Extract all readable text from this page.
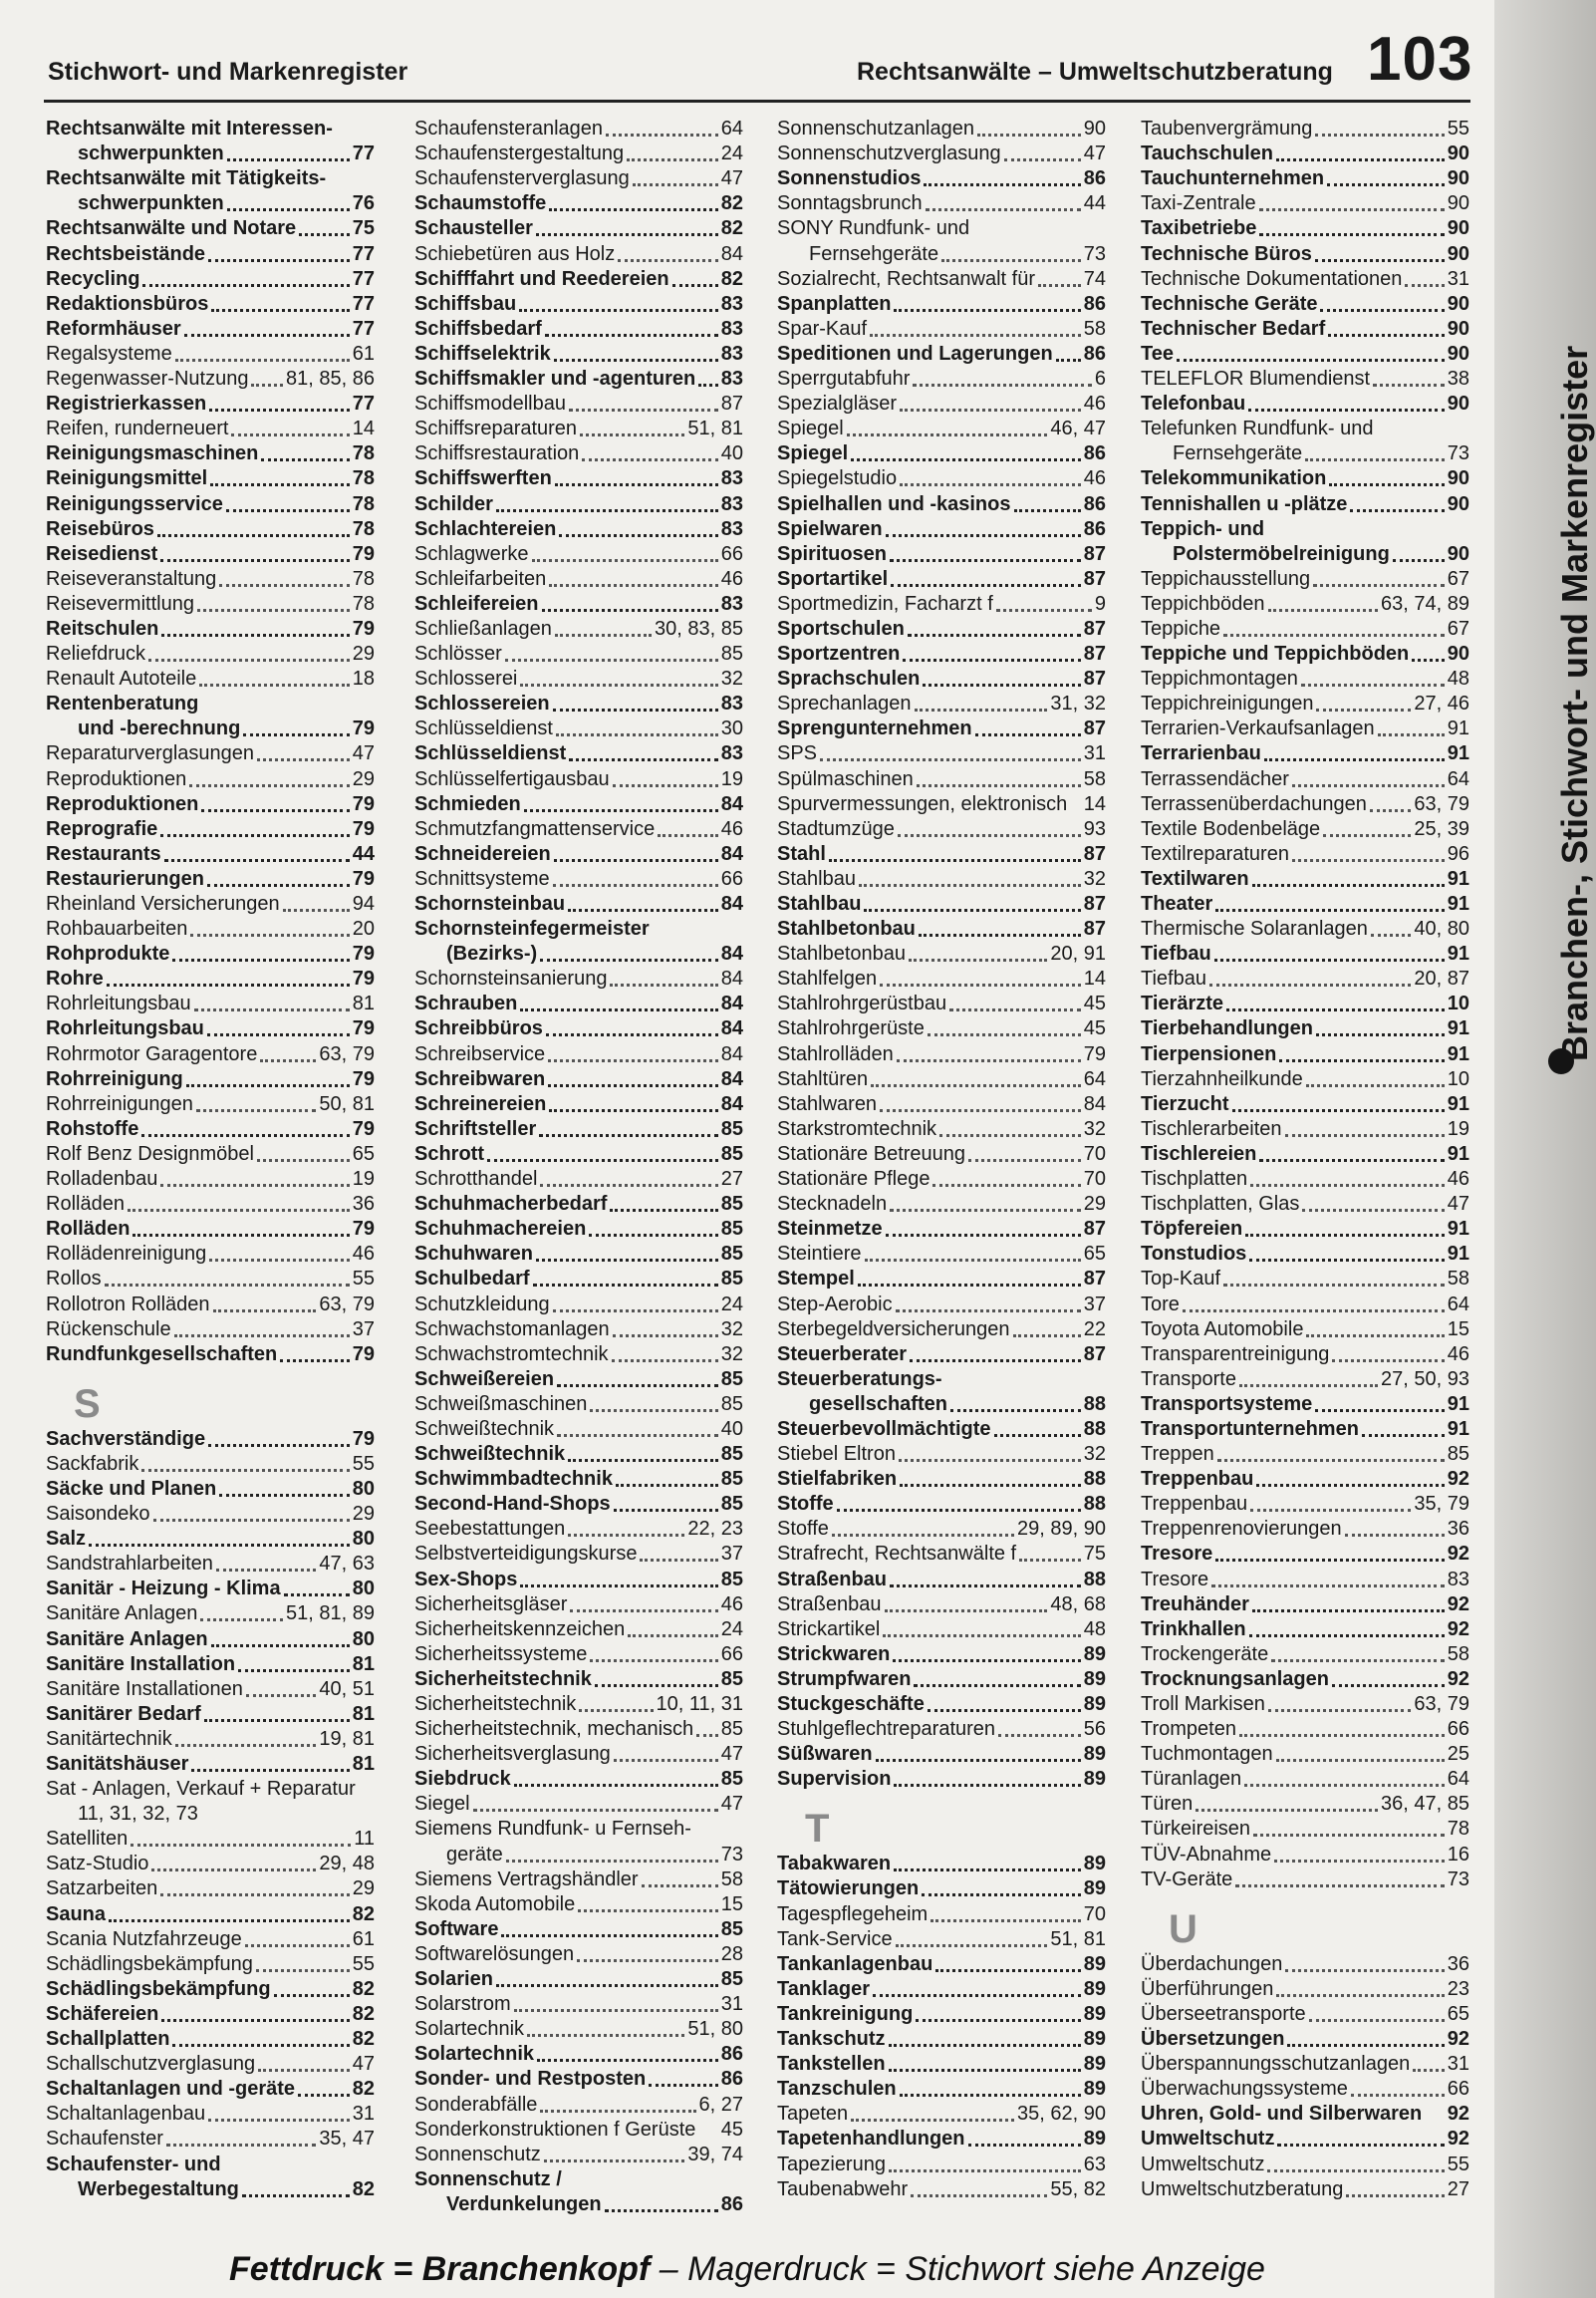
Stichwort- und Markenregister	Rechtsanwälte – Umweltschutzberatung 103
Rechtsanwälte mit Interessen-
schwerpunkten	77
Rechtsanwälte mit Tätigkeits-
schwerpunkten	76
Rechtsanwälte und Notare	75
Rechtsbeistände	77
Recycling	77
Redaktionsbüros	77
Reformhäuser	77
Regalsysteme	61
Regenwasser-Nutzung 81, 85, 86
Registrierkassen	77
Reifen, runderneuert	14
Reinigungsmaschinen	78
Reinigungsmittel	78
Reinigungsservice	78
Reisebüros	78
Reisedienst	79
Reiseveranstaltung	78
Reisevermittlung	78
Reitschulen	79
Reliefdruck	29
Renault Autoteile	18
Rentenberatung
und -berechnung	79
Reparaturverglasungen	47
Reproduktionen	29
Reproduktionen	79
Reprografie	79
Restaurants	44
Restaurierungen	79
Rheinland Versicherungen	94
Rohbauarbeiten	20
Rohprodukte	79
Rohre	79
Rohrleitungsbau	81
Rohrleitungsbau	79
Rohrmotor Garagentore	63, 79
Rohrreinigung	79
Rohrreinigungen	50, 81
Rohstoffe	79
Rolf Benz Designmöbel	65
Rolladenbau	19
Rolläden	36
Rolläden	79
Rollädenreinigung	46
Rollos	55
Rollotron Rolläden	63, 79
Rückenschule	37
Rundfunkgesellschaften	79
S
Sachverständige	79
Sackfabrik	55
Säcke und Planen	80
Saisondeko	29
Salz	80
Sandstrahlarbeiten	47, 63
Sanitär - Heizung - Klima	80
Sanitäre Anlagen	51, 81, 89
Sanitäre Anlagen	80
Sanitäre Installation	81
Sanitäre Installationen	40, 51
Sanitärer Bedarf	81
Sanitärtechnik	19, 81
Sanitätshäuser	81
Sat - Anlagen, Verkauf + Reparatur
11, 31, 32, 73
Satelliten	11
Satz-Studio	29, 48
Satzarbeiten	29
Sauna	82
Scania Nutzfahrzeuge	61
Schädlingsbekämpfung	55
Schädlingsbekämpfung	82
Schäfereien	82
Schallplatten	82
Schallschutzverglasung	47
Schaltanlagen und -geräte	82
Schaltanlagenbau	31
Schaufenster	35, 47
Schaufenster- und
Werbegestaltung	82
Schaufensteranlagen	64
Schaufenstergestaltung	24
Schaufensterverglasung	47
Schaumstoffe	82
Schausteller	82
Schiebetüren aus Holz	84
Schifffahrt und Reedereien	82
Schiffsbau	83
Schiffsbedarf	83
Schiffselektrik	83
Schiffsmakler und -agenturen 83
Schiffsmodellbau	87
Schiffsreparaturen	51, 81
Schiffsrestauration	40
Schiffswerften	83
Schilder	83
Schlachtereien	83
Schlagwerke	66
Schleifarbeiten	46
Schleifereien	83
Schließanlagen	30, 83, 85
Schlösser	85
Schlosserei	32
Schlossereien	83
Schlüsseldienst	30
Schlüsseldienst	83
Schlüsselfertigausbau	19
Schmieden	84
Schmutzfangmattenservice	46
Schneidereien	84
Schnittsysteme	66
Schornsteinbau	84
Schornsteinfegermeister
(Bezirks-)	84
Schornsteinsanierung	84
Schrauben	84
Schreibbüros	84
Schreibservice	84
Schreibwaren	84
Schreinereien	84
Schriftsteller	85
Schrott	85
Schrotthandel	27
Schuhmacherbedarf	85
Schuhmachereien	85
Schuhwaren	85
Schulbedarf	85
Schutzkleidung	24
Schwachstomanlagen	32
Schwachstromtechnik	32
Schweißereien	85
Schweißmaschinen	85
Schweißtechnik	40
Schweißtechnik	85
Schwimmbadtechnik	85
Second-Hand-Shops	85
Seebestattungen	22, 23
Selbstverteidigungskurse	37
Sex-Shops	85
Sicherheitsgläser	46
Sicherheitskennzeichen	24
Sicherheitssysteme	66
Sicherheitstechnik	85
Sicherheitstechnik	10, 11, 31
Sicherheitstechnik, mechanisch 85
Sicherheitsverglasung	47
Siebdruck	85
Siegel	47
Siemens Rundfunk- u Fernseh-
geräte	73
Siemens Vertragshändler	58
Skoda Automobile	15
Software	85
Softwarelösungen	28
Solarien	85
Solarstrom	31
Solartechnik	51, 80
Solartechnik	86
Sonder- und Restposten	86
Sonderabfälle	6, 27
Sonderkonstruktionen f Gerüste 45
Sonnenschutz	39, 74
Sonnenschutz /
Verdunkelungen	86
Sonnenschutzanlagen	90
Sonnenschutzverglasung	47
Sonnenstudios	86
Sonntagsbrunch	44
SONY Rundfunk- und
Fernsehgeräte	73
Sozialrecht, Rechtsanwalt für 74
Spanplatten	86
Spar-Kauf	58
Speditionen und Lagerungen 86
Sperrgutabfuhr	6
Spezialgläser	46
Spiegel	46, 47
Spiegel	86
Spiegelstudio	46
Spielhallen und -kasinos	86
Spielwaren	86
Spirituosen	87
Sportartikel	87
Sportmedizin, Facharzt f	9
Sportschulen	87
Sportzentren	87
Sprachschulen	87
Sprechanlagen	31, 32
Sprengunternehmen	87
SPS	31
Spülmaschinen	58
Spurvermessungen, elektronisch 14
Stadtumzüge	93
Stahl	87
Stahlbau	32
Stahlbau	87
Stahlbetonbau	87
Stahlbetonbau	20, 91
Stahlfelgen	14
Stahlrohrgerüstbau	45
Stahlrohrgerüste	45
Stahlrolläden	79
Stahltüren	64
Stahlwaren	84
Starkstromtechnik	32
Stationäre Betreuung	70
Stationäre Pflege	70
Stecknadeln	29
Steinmetze	87
Steintiere	65
Stempel	87
Step-Aerobic	37
Sterbegeldversicherungen	22
Steuerberater	87
Steuerberatungs-
gesellschaften	88
Steuerbevollmächtigte	88
Stiebel Eltron	32
Stielfabriken	88
Stoffe	88
Stoffe	29, 89, 90
Strafrecht, Rechtsanwälte f	75
Straßenbau	88
Straßenbau	48, 68
Strickartikel	48
Strickwaren	89
Strumpfwaren	89
Stuckgeschäfte	89
Stuhlgeflechtreparaturen	56
Süßwaren	89
Supervision	89
T
Tabakwaren	89
Tätowierungen	89
Tagespflegeheim	70
Tank-Service	51, 81
Tankanlagenbau	89
Tanklager	89
Tankreinigung	89
Tankschutz	89
Tankstellen	89
Tanzschulen	89
Tapeten	35, 62, 90
Tapetenhandlungen	89
Tapezierung	63
Taubenabwehr	55, 82
Taubenvergrämung	55
Tauchschulen	90
Tauchunternehmen	90
Taxi-Zentrale	90
Taxibetriebe	90
Technische Büros	90
Technische Dokumentationen 31
Technische Geräte	90
Technischer Bedarf	90
Tee	90
TELEFLOR Blumendienst	38
Telefonbau	90
Telefunken Rundfunk- und
Fernsehgeräte	73
Telekommunikation	90
Tennishallen u -plätze	90
Teppich- und
Polstermöbelreinigung	90
Teppichausstellung	67
Teppichböden	63, 74, 89
Teppiche	67
Teppiche und Teppichböden 90
Teppichmontagen	48
Teppichreinigungen	27, 46
Terrarien-Verkaufsanlagen	91
Terrarienbau	91
Terrassendächer	64
Terrassenüberdachungen 63, 79
Textile Bodenbeläge	25, 39
Textilreparaturen	96
Textilwaren	91
Theater	91
Thermische Solaranlagen 40, 80
Tiefbau	91
Tiefbau	20, 87
Tierärzte	10
Tierbehandlungen	91
Tierpensionen	91
Tierzahnheilkunde	10
Tierzucht	91
Tischlerarbeiten	19
Tischlereien	91
Tischplatten	46
Tischplatten, Glas	47
Töpfereien	91
Tonstudios	91
Top-Kauf	58
Tore	64
Toyota Automobile	15
Transparentreinigung	46
Transporte	27, 50, 93
Transportsysteme	91
Transportunternehmen	91
Treppen	85
Treppenbau	92
Treppenbau	35, 79
Treppenrenovierungen	36
Tresore	92
Tresore	83
Treuhänder	92
Trinkhallen	92
Trockengeräte	58
Trocknungsanlagen	92
Troll Markisen	63, 79
Trompeten	66
Tuchmontagen	25
Türanlagen	64
Türen	36, 47, 85
Türkeireisen	78
TÜV-Abnahme	16
TV-Geräte	73
U
Überdachungen	36
Überführungen	23
Überseetransporte	65
Übersetzungen	92
Überspannungsschutzanlagen 31
Überwachungssysteme	66
Uhren, Gold- und Silberwaren 92
Umweltschutz	92
Umweltschutz	55
Umweltschutzberatung	27
Fettdruck = Branchenkopf – Magerdruck = Stichwort siehe Anzeige
Branchen-, Stichwort- und Markenregister
